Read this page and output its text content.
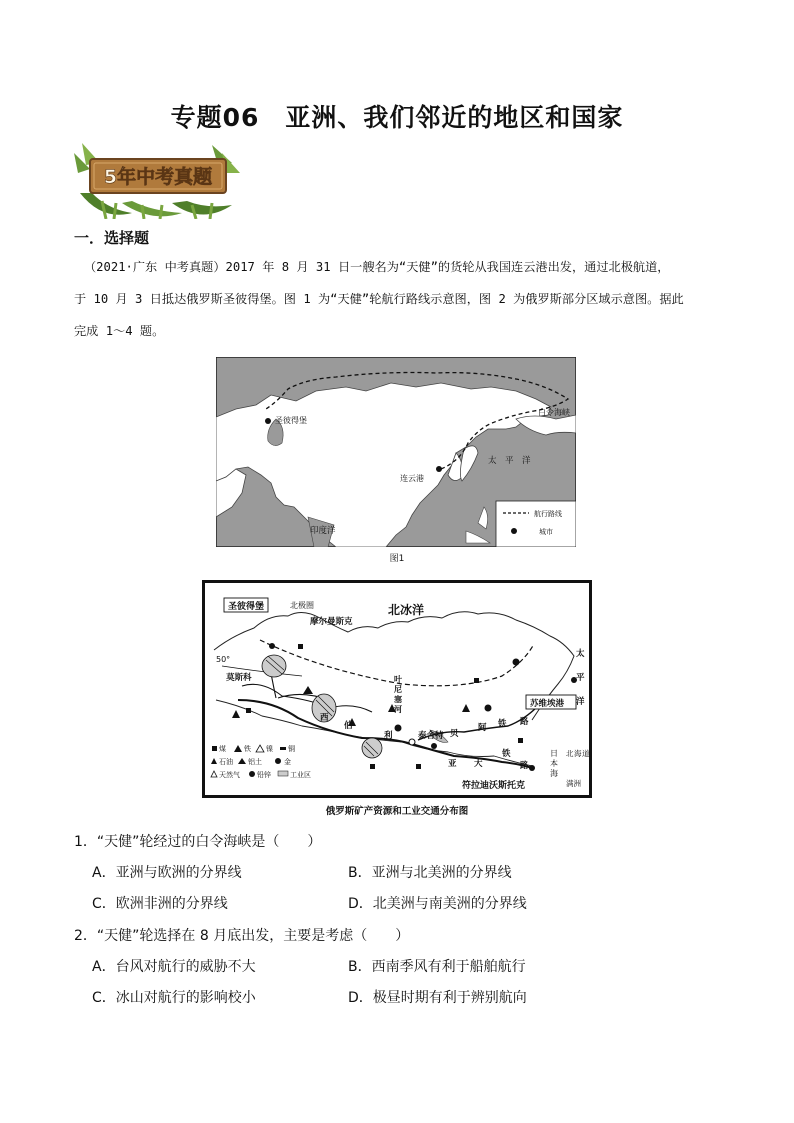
专题06　亚洲、我们邻近的地区和国家
5年中考真题
一．选择题
（2021·广东 中考真题）2017 年 8 月 31 日一艘名为“天健”的货轮从我国连云港出发，通过北极航道，
于 10 月 3 日抵达俄罗斯圣彼得堡。图 1 为“天健”轮航行路线示意图，图 2 为俄罗斯部分区域示意图。据此
完成 1～4 题。
圣彼得堡
白令海峡
连云港
太　平　洋
印度洋
航行路线
城市
图1
圣彼得堡	北极圈
摩尔曼斯克
北冰洋
50°
莫斯科	叶
尼
塞
河
西
伯
利
亚 大
铁
路
泰舍特 贝
阿 铁 路
苏维埃港
太
平
洋
日
本
海
北 海 道
满洲
符拉迪沃斯托克
煤	铁 镍 铜
石油 铝土	金
天然气 铅锌	工业区
俄罗斯矿产资源和工业交通分布图
1．“天健”轮经过的白令海峡是（　　）
A．亚洲与欧洲的分界线	B．亚洲与北美洲的分界线
C．欧洲非洲的分界线	D．北美洲与南美洲的分界线
2．“天健”轮选择在 8 月底出发，主要是考虑（　　）
A．台风对航行的威胁不大	B．西南季风有利于船舶航行
C．冰山对航行的影响校小	D．极昼时期有利于辨别航向
